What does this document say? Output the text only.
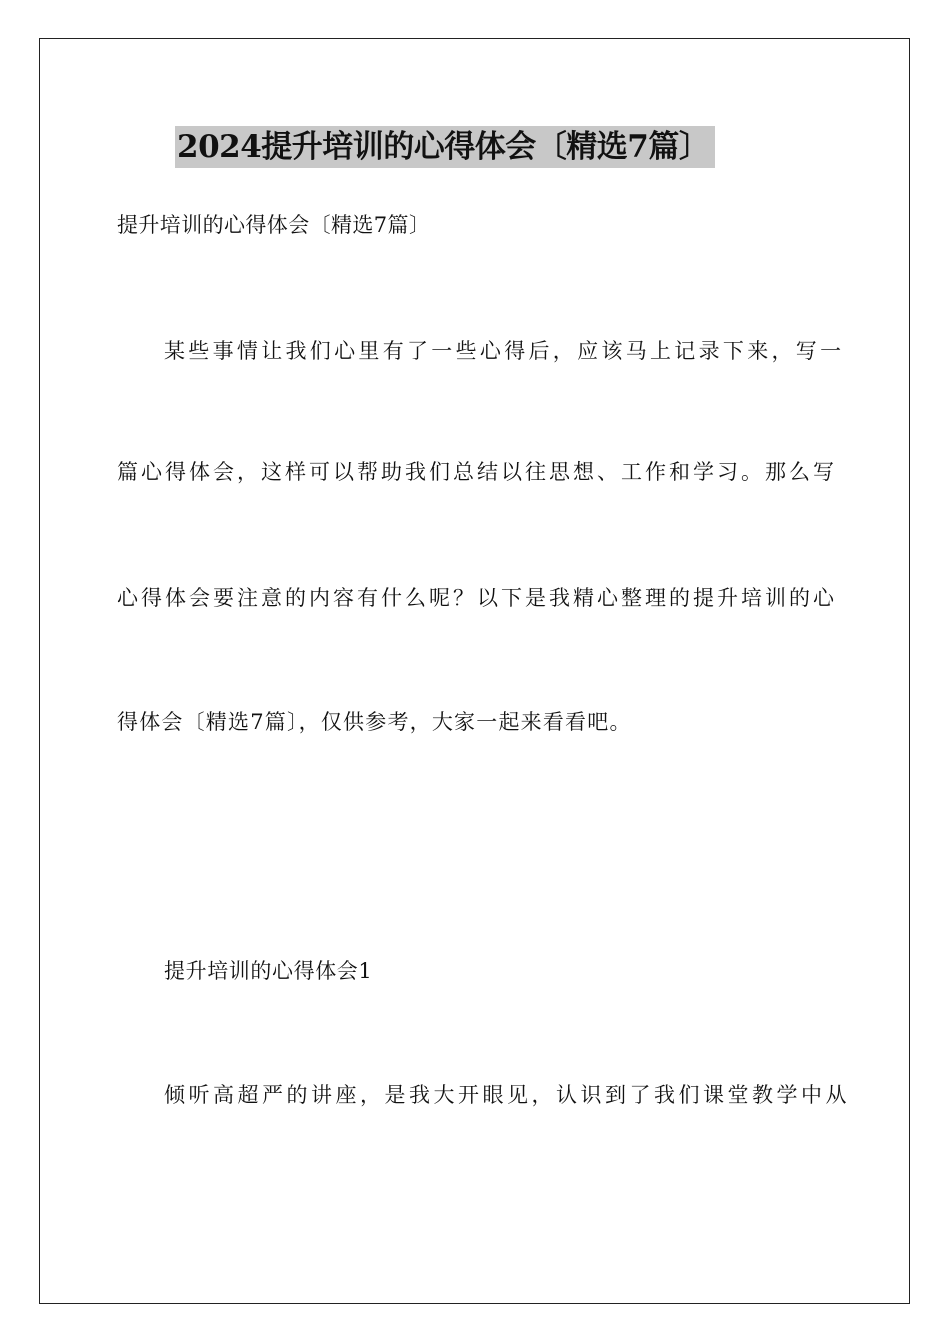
2024提升培训的心得体会〔精选7篇〕
提升培训的心得体会〔精选7篇〕
某些事情让我们心里有了一些心得后，应该马上记录下来，写一
篇心得体会，这样可以帮助我们总结以往思想、工作和学习。那么写
心得体会要注意的内容有什么呢？以下是我精心整理的提升培训的心
得体会〔精选7篇〕，仅供参考，大家一起来看看吧。
提升培训的心得体会1
倾听高超严的讲座，是我大开眼见，认识到了我们课堂教学中从
